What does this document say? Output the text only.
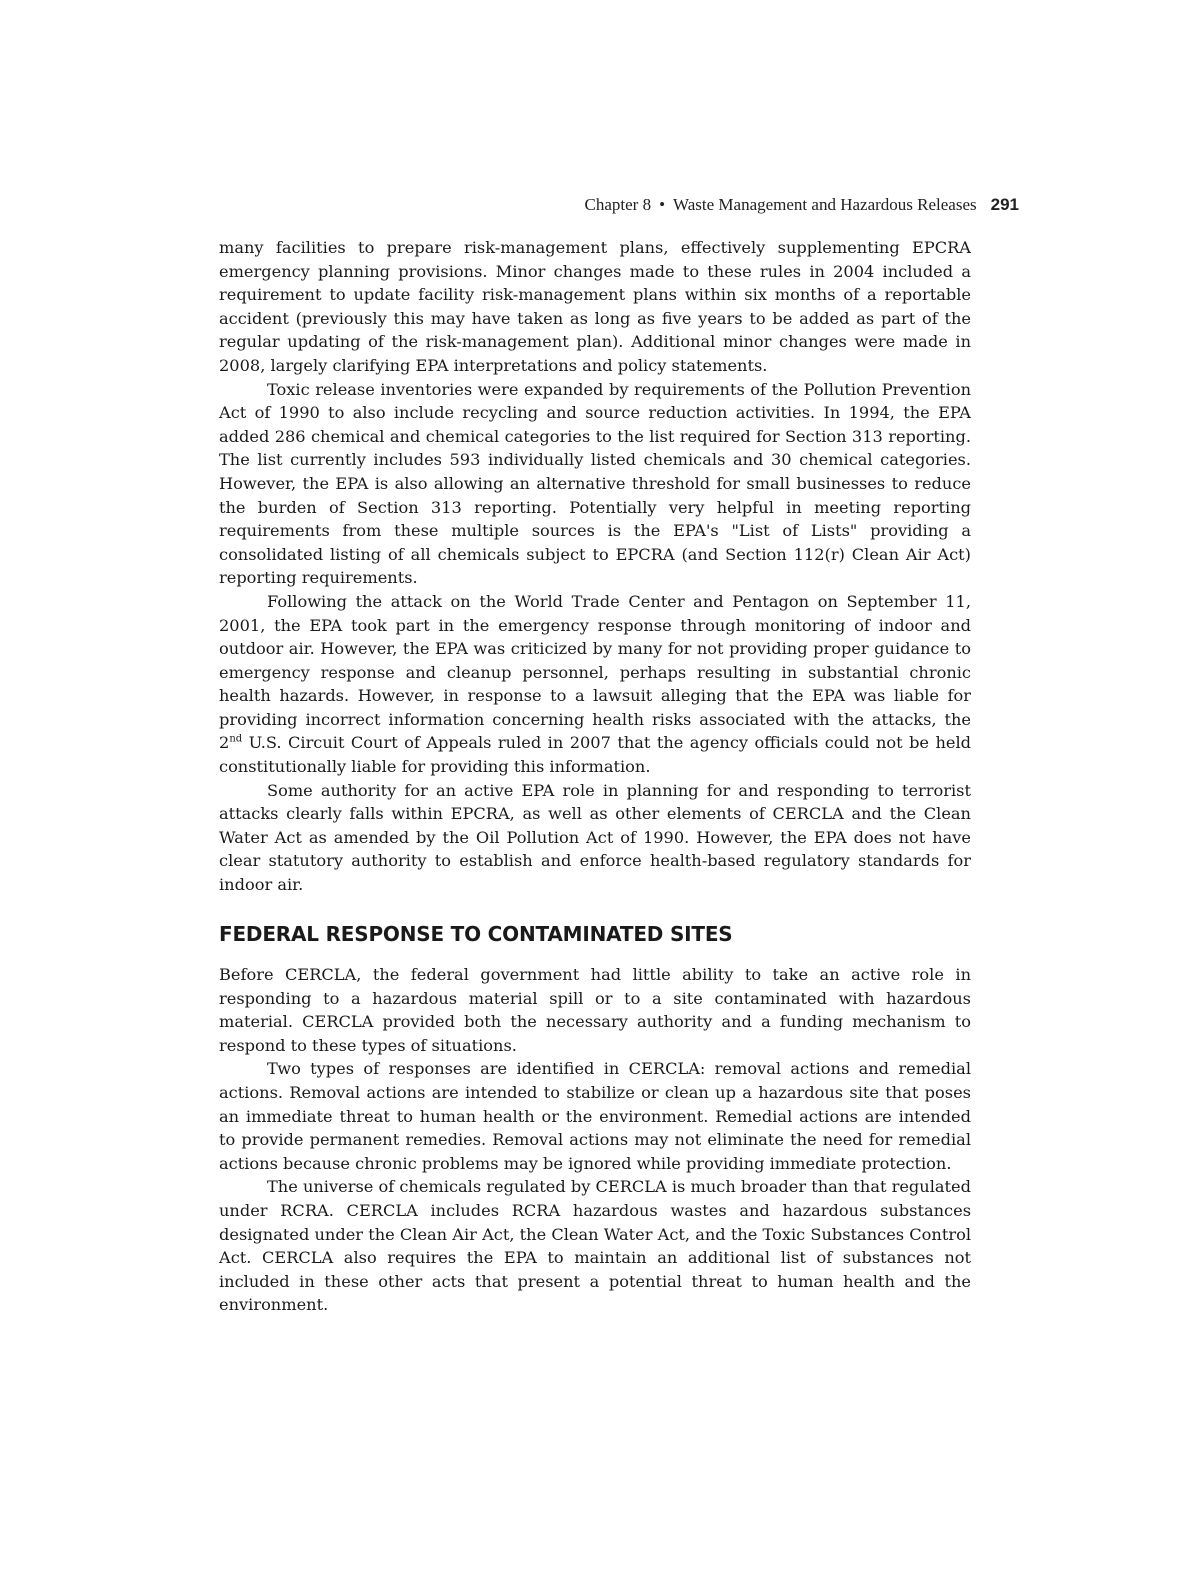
Chapter 8 • Waste Management and Hazardous Releases 291

many facilities to prepare risk-management plans, effectively supplementing EPCRA emergency planning provisions. Minor changes made to these rules in 2004 included a requirement to update facility risk-management plans within six months of a reportable accident (previously this may have taken as long as five years to be added as part of the regular updating of the risk-management plan). Additional minor changes were made in 2008, largely clarifying EPA interpretations and policy statements.

Toxic release inventories were expanded by requirements of the Pollution Prevention Act of 1990 to also include recycling and source reduction activities. In 1994, the EPA added 286 chemical and chemical categories to the list required for Section 313 reporting. The list currently includes 593 individually listed chemicals and 30 chemical categories. However, the EPA is also allowing an alternative threshold for small businesses to reduce the burden of Section 313 reporting. Potentially very helpful in meeting reporting requirements from these multiple sources is the EPA's "List of Lists" providing a consolidated listing of all chemicals subject to EPCRA (and Section 112(r) Clean Air Act) reporting requirements.

Following the attack on the World Trade Center and Pentagon on September 11, 2001, the EPA took part in the emergency response through monitoring of indoor and outdoor air. However, the EPA was criticized by many for not providing proper guidance to emergency response and cleanup personnel, perhaps resulting in substantial chronic health hazards. However, in response to a lawsuit alleging that the EPA was liable for providing incorrect information concerning health risks associated with the attacks, the 2nd U.S. Circuit Court of Appeals ruled in 2007 that the agency officials could not be held constitutionally liable for providing this information.

Some authority for an active EPA role in planning for and responding to terrorist attacks clearly falls within EPCRA, as well as other elements of CERCLA and the Clean Water Act as amended by the Oil Pollution Act of 1990. However, the EPA does not have clear statutory authority to establish and enforce health-based regulatory standards for indoor air.

FEDERAL RESPONSE TO CONTAMINATED SITES

Before CERCLA, the federal government had little ability to take an active role in responding to a hazardous material spill or to a site contaminated with hazardous material. CERCLA provided both the necessary authority and a funding mechanism to respond to these types of situations.

Two types of responses are identified in CERCLA: removal actions and remedial actions. Removal actions are intended to stabilize or clean up a hazardous site that poses an immediate threat to human health or the environment. Remedial actions are intended to provide permanent remedies. Removal actions may not eliminate the need for remedial actions because chronic problems may be ignored while providing immediate protection.

The universe of chemicals regulated by CERCLA is much broader than that regulated under RCRA. CERCLA includes RCRA hazardous wastes and hazardous substances designated under the Clean Air Act, the Clean Water Act, and the Toxic Substances Control Act. CERCLA also requires the EPA to maintain an additional list of substances not included in these other acts that present a potential threat to human health and the environment.
